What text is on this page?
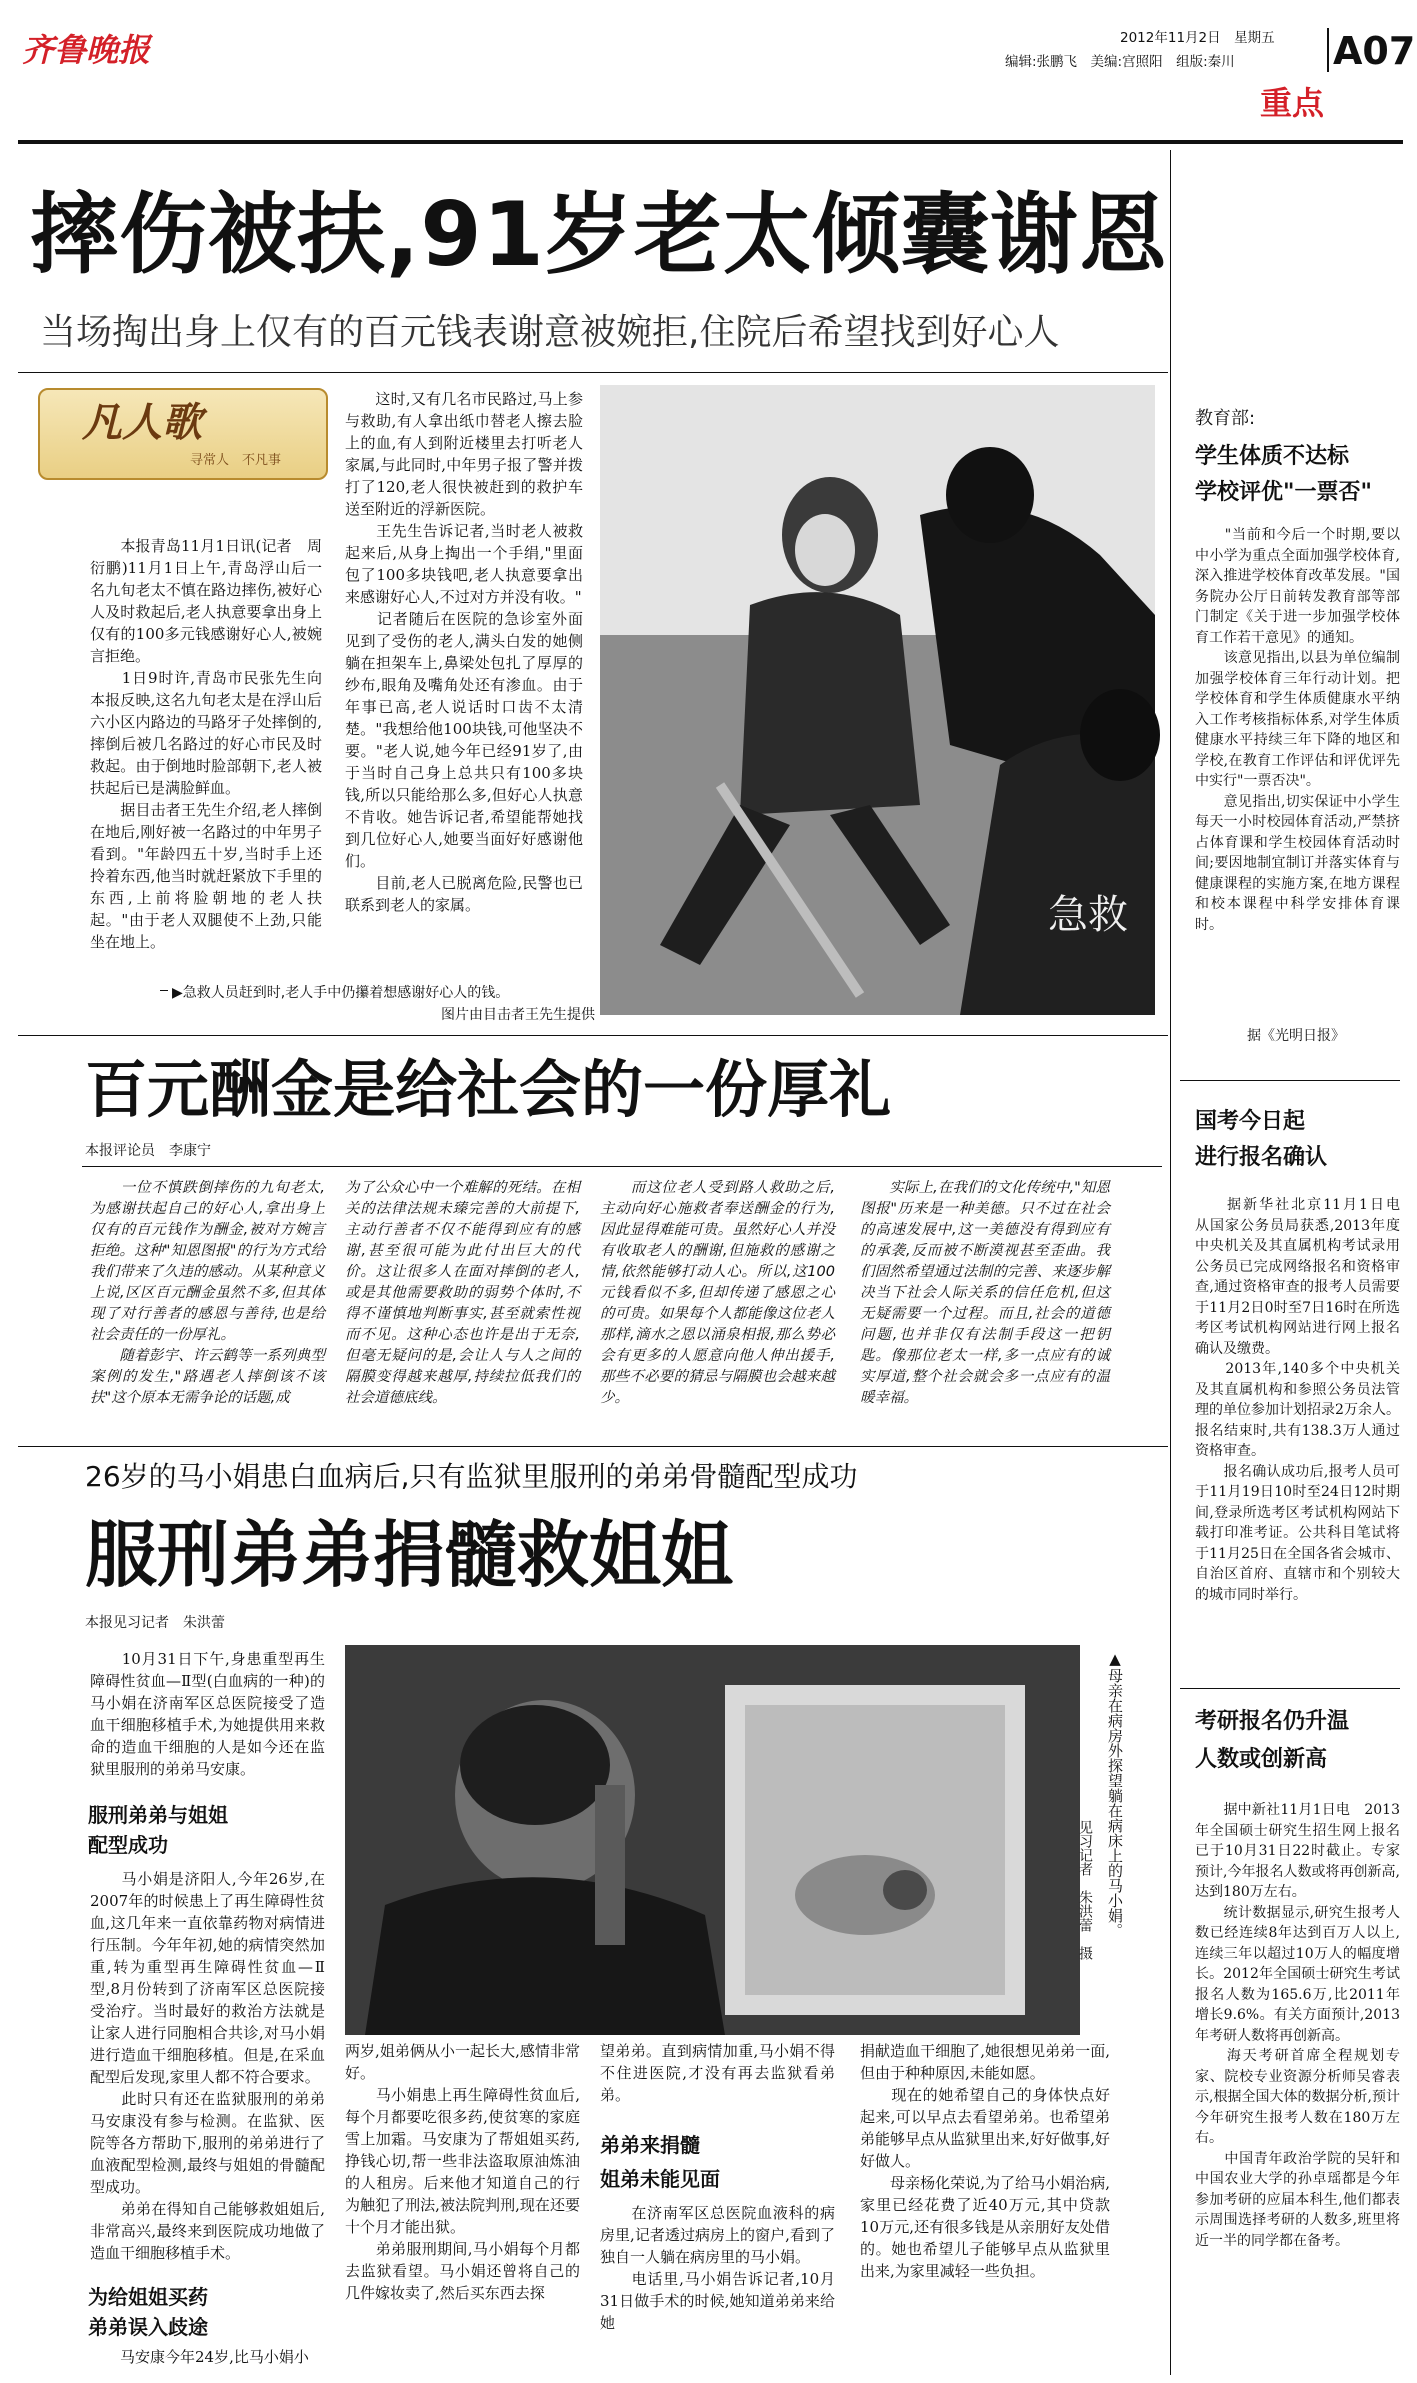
齐鲁晚报	2012年11月2日　星期五
编辑:张鹏飞　美编:宫照阳　组版:秦川	A07
重点
摔伤被扶,91岁老太倾囊谢恩
当场掏出身上仅有的百元钱表谢意被婉拒,住院后希望找到好心人
凡人歌
寻常人　不凡事
　　本报青岛11月1日讯(记者　周衍鹏)11月1日上午,青岛浮山后一名九旬老太不慎在路边摔伤,被好心人及时救起后,老人执意要拿出身上仅有的100多元钱感谢好心人,被婉言拒绝。
　　1日9时许,青岛市民张先生向本报反映,这名九旬老太是在浮山后六小区内路边的马路牙子处摔倒的,摔倒后被几名路过的好心市民及时救起。由于倒地时脸部朝下,老人被扶起后已是满脸鲜血。
　　据目击者王先生介绍,老人摔倒在地后,刚好被一名路过的中年男子看到。"年龄四五十岁,当时手上还拎着东西,他当时就赶紧放下手里的东西,上前将脸朝地的老人扶起。"由于老人双腿使不上劲,只能坐在地上。
　　这时,又有几名市民路过,马上参与救助,有人拿出纸巾替老人擦去脸上的血,有人到附近楼里去打听老人家属,与此同时,中年男子报了警并拨打了120,老人很快被赶到的救护车送至附近的浮新医院。
　　王先生告诉记者,当时老人被救起来后,从身上掏出一个手绢,"里面包了100多块钱吧,老人执意要拿出来感谢好心人,不过对方并没有收。"
　　记者随后在医院的急诊室外面见到了受伤的老人,满头白发的她侧躺在担架车上,鼻梁处包扎了厚厚的纱布,眼角及嘴角处还有渗血。由于年事已高,老人说话时口齿不太清楚。"我想给他100块钱,可他坚决不要。"老人说,她今年已经91岁了,由于当时自己身上总共只有100多块钱,所以只能给那么多,但好心人执意不肯收。她告诉记者,希望能帮她找到几位好心人,她要当面好好感谢他们。
　　目前,老人已脱离危险,民警也已联系到老人的家属。	急救
▶急救人员赶到时,老人手中仍攥着想感谢好心人的钱。
图片由目击者王先生提供
百元酬金是给社会的一份厚礼
本报评论员　李康宁
　　一位不慎跌倒摔伤的九旬老太,为感谢扶起自己的好心人,拿出身上仅有的百元钱作为酬金,被对方婉言拒绝。这种"知恩图报"的行为方式给我们带来了久违的感动。从某种意义上说,区区百元酬金虽然不多,但其体现了对行善者的感恩与善待,也是给社会责任的一份厚礼。
　　随着彭宇、许云鹤等一系列典型案例的发生,"路遇老人摔倒该不该扶"这个原本无需争论的话题,成
为了公众心中一个难解的死结。在相关的法律法规未臻完善的大前提下,主动行善者不仅不能得到应有的感谢,甚至很可能为此付出巨大的代价。这让很多人在面对摔倒的老人,或是其他需要救助的弱势个体时,不得不谨慎地判断事实,甚至就索性视而不见。这种心态也许是出于无奈,但毫无疑问的是,会让人与人之间的隔膜变得越来越厚,持续拉低我们的社会道德底线。
　　而这位老人受到路人救助之后,主动向好心施救者奉送酬金的行为,因此显得难能可贵。虽然好心人并没有收取老人的酬谢,但施救的感谢之情,依然能够打动人心。所以,这100元钱看似不多,但却传递了感恩之心的可贵。如果每个人都能像这位老人那样,滴水之恩以涌泉相报,那么势必会有更多的人愿意向他人伸出援手,那些不必要的猜忌与隔膜也会越来越少。
　　实际上,在我们的文化传统中,"知恩图报"历来是一种美德。只不过在社会的高速发展中,这一美德没有得到应有的承袭,反而被不断漠视甚至歪曲。我们固然希望通过法制的完善、来逐步解决当下社会人际关系的信任危机,但这无疑需要一个过程。而且,社会的道德问题,也并非仅有法制手段这一把钥匙。像那位老太一样,多一点应有的诚实厚道,整个社会就会多一点应有的温暖幸福。
26岁的马小娟患白血病后,只有监狱里服刑的弟弟骨髓配型成功
服刑弟弟捐髓救姐姐
本报见习记者　朱洪蕾
　　10月31日下午,身患重型再生障碍性贫血—Ⅱ型(白血病的一种)的马小娟在济南军区总医院接受了造血干细胞移植手术,为她提供用来救命的造血干细胞的人是如今还在监狱里服刑的弟弟马安康。
服刑弟弟与姐姐
配型成功
　　马小娟是济阳人,今年26岁,在2007年的时候患上了再生障碍性贫血,这几年来一直依靠药物对病情进行压制。今年年初,她的病情突然加重,转为重型再生障碍性贫血—Ⅱ型,8月份转到了济南军区总医院接受治疗。当时最好的救治方法就是让家人进行同胞相合共诊,对马小娟进行造血干细胞移植。但是,在采血配型后发现,家里人都不符合要求。
　　此时只有还在监狱服刑的弟弟马安康没有参与检测。在监狱、医院等各方帮助下,服刑的弟弟进行了血液配型检测,最终与姐姐的骨髓配型成功。
　　弟弟在得知自己能够救姐姐后,非常高兴,最终来到医院成功地做了造血干细胞移植手术。
为给姐姐买药
弟弟误入歧途
　　马安康今年24岁,比马小娟小
▲母亲在病房外探望躺在病床上的马小娟。
见习记者　朱洪蕾　摄
两岁,姐弟俩从小一起长大,感情非常好。
　　马小娟患上再生障碍性贫血后,每个月都要吃很多药,使贫寒的家庭雪上加霜。马安康为了帮姐姐买药,挣钱心切,帮一些非法盗取原油炼油的人租房。后来他才知道自己的行为触犯了刑法,被法院判刑,现在还要十个月才能出狱。
　　弟弟服刑期间,马小娟每个月都去监狱看望。马小娟还曾将自己的几件嫁妆卖了,然后买东西去探
望弟弟。直到病情加重,马小娟不得不住进医院,才没有再去监狱看弟弟。
弟弟来捐髓
姐弟未能见面
　　在济南军区总医院血液科的病房里,记者透过病房上的窗户,看到了独自一人躺在病房里的马小娟。
　　电话里,马小娟告诉记者,10月31日做手术的时候,她知道弟弟来给她
捐献造血干细胞了,她很想见弟弟一面,但由于种种原因,未能如愿。
　　现在的她希望自己的身体快点好起来,可以早点去看望弟弟。也希望弟弟能够早点从监狱里出来,好好做事,好好做人。
　　母亲杨化荣说,为了给马小娟治病,家里已经花费了近40万元,其中贷款10万元,还有很多钱是从亲朋好友处借的。她也希望儿子能够早点从监狱里出来,为家里减轻一些负担。
教育部:
学生体质不达标
学校评优"一票否"
　　"当前和今后一个时期,要以中小学为重点全面加强学校体育,深入推进学校体育改革发展。"国务院办公厅日前转发教育部等部门制定《关于进一步加强学校体育工作若干意见》的通知。
　　该意见指出,以县为单位编制加强学校体育三年行动计划。把学校体育和学生体质健康水平纳入工作考核指标体系,对学生体质健康水平持续三年下降的地区和学校,在教育工作评估和评优评先中实行"一票否决"。
　　意见指出,切实保证中小学生每天一小时校园体育活动,严禁挤占体育课和学生校园体育活动时间;要因地制宜制订并落实体育与健康课程的实施方案,在地方课程和校本课程中科学安排体育课时。
据《光明日报》
国考今日起
进行报名确认
　　据新华社北京11月1日电　从国家公务员局获悉,2013年度中央机关及其直属机构考试录用公务员已完成网络报名和资格审查,通过资格审查的报考人员需要于11月2日0时至7日16时在所选考区考试机构网站进行网上报名确认及缴费。
　　2013年,140多个中央机关及其直属机构和参照公务员法管理的单位参加计划招录2万余人。报名结束时,共有138.3万人通过资格审查。
　　报名确认成功后,报考人员可于11月19日10时至24日12时期间,登录所选考区考试机构网站下载打印准考证。公共科目笔试将于11月25日在全国各省会城市、自治区首府、直辖市和个别较大的城市同时举行。
考研报名仍升温
人数或创新高
　　据中新社11月1日电　2013年全国硕士研究生招生网上报名已于10月31日22时截止。专家预计,今年报名人数或将再创新高,达到180万左右。
　　统计数据显示,研究生报考人数已经连续8年达到百万人以上,连续三年以超过10万人的幅度增长。2012年全国硕士研究生考试报名人数为165.6万,比2011年增长9.6%。有关方面预计,2013年考研人数将再创新高。
　　海天考研首席全程规划专家、院校专业资源分析师吴睿表示,根据全国大体的数据分析,预计今年研究生报考人数在180万左右。
　　中国青年政治学院的吴轩和中国农业大学的孙卓瑶都是今年参加考研的应届本科生,他们都表示周围选择考研的人数多,班里将近一半的同学都在备考。
